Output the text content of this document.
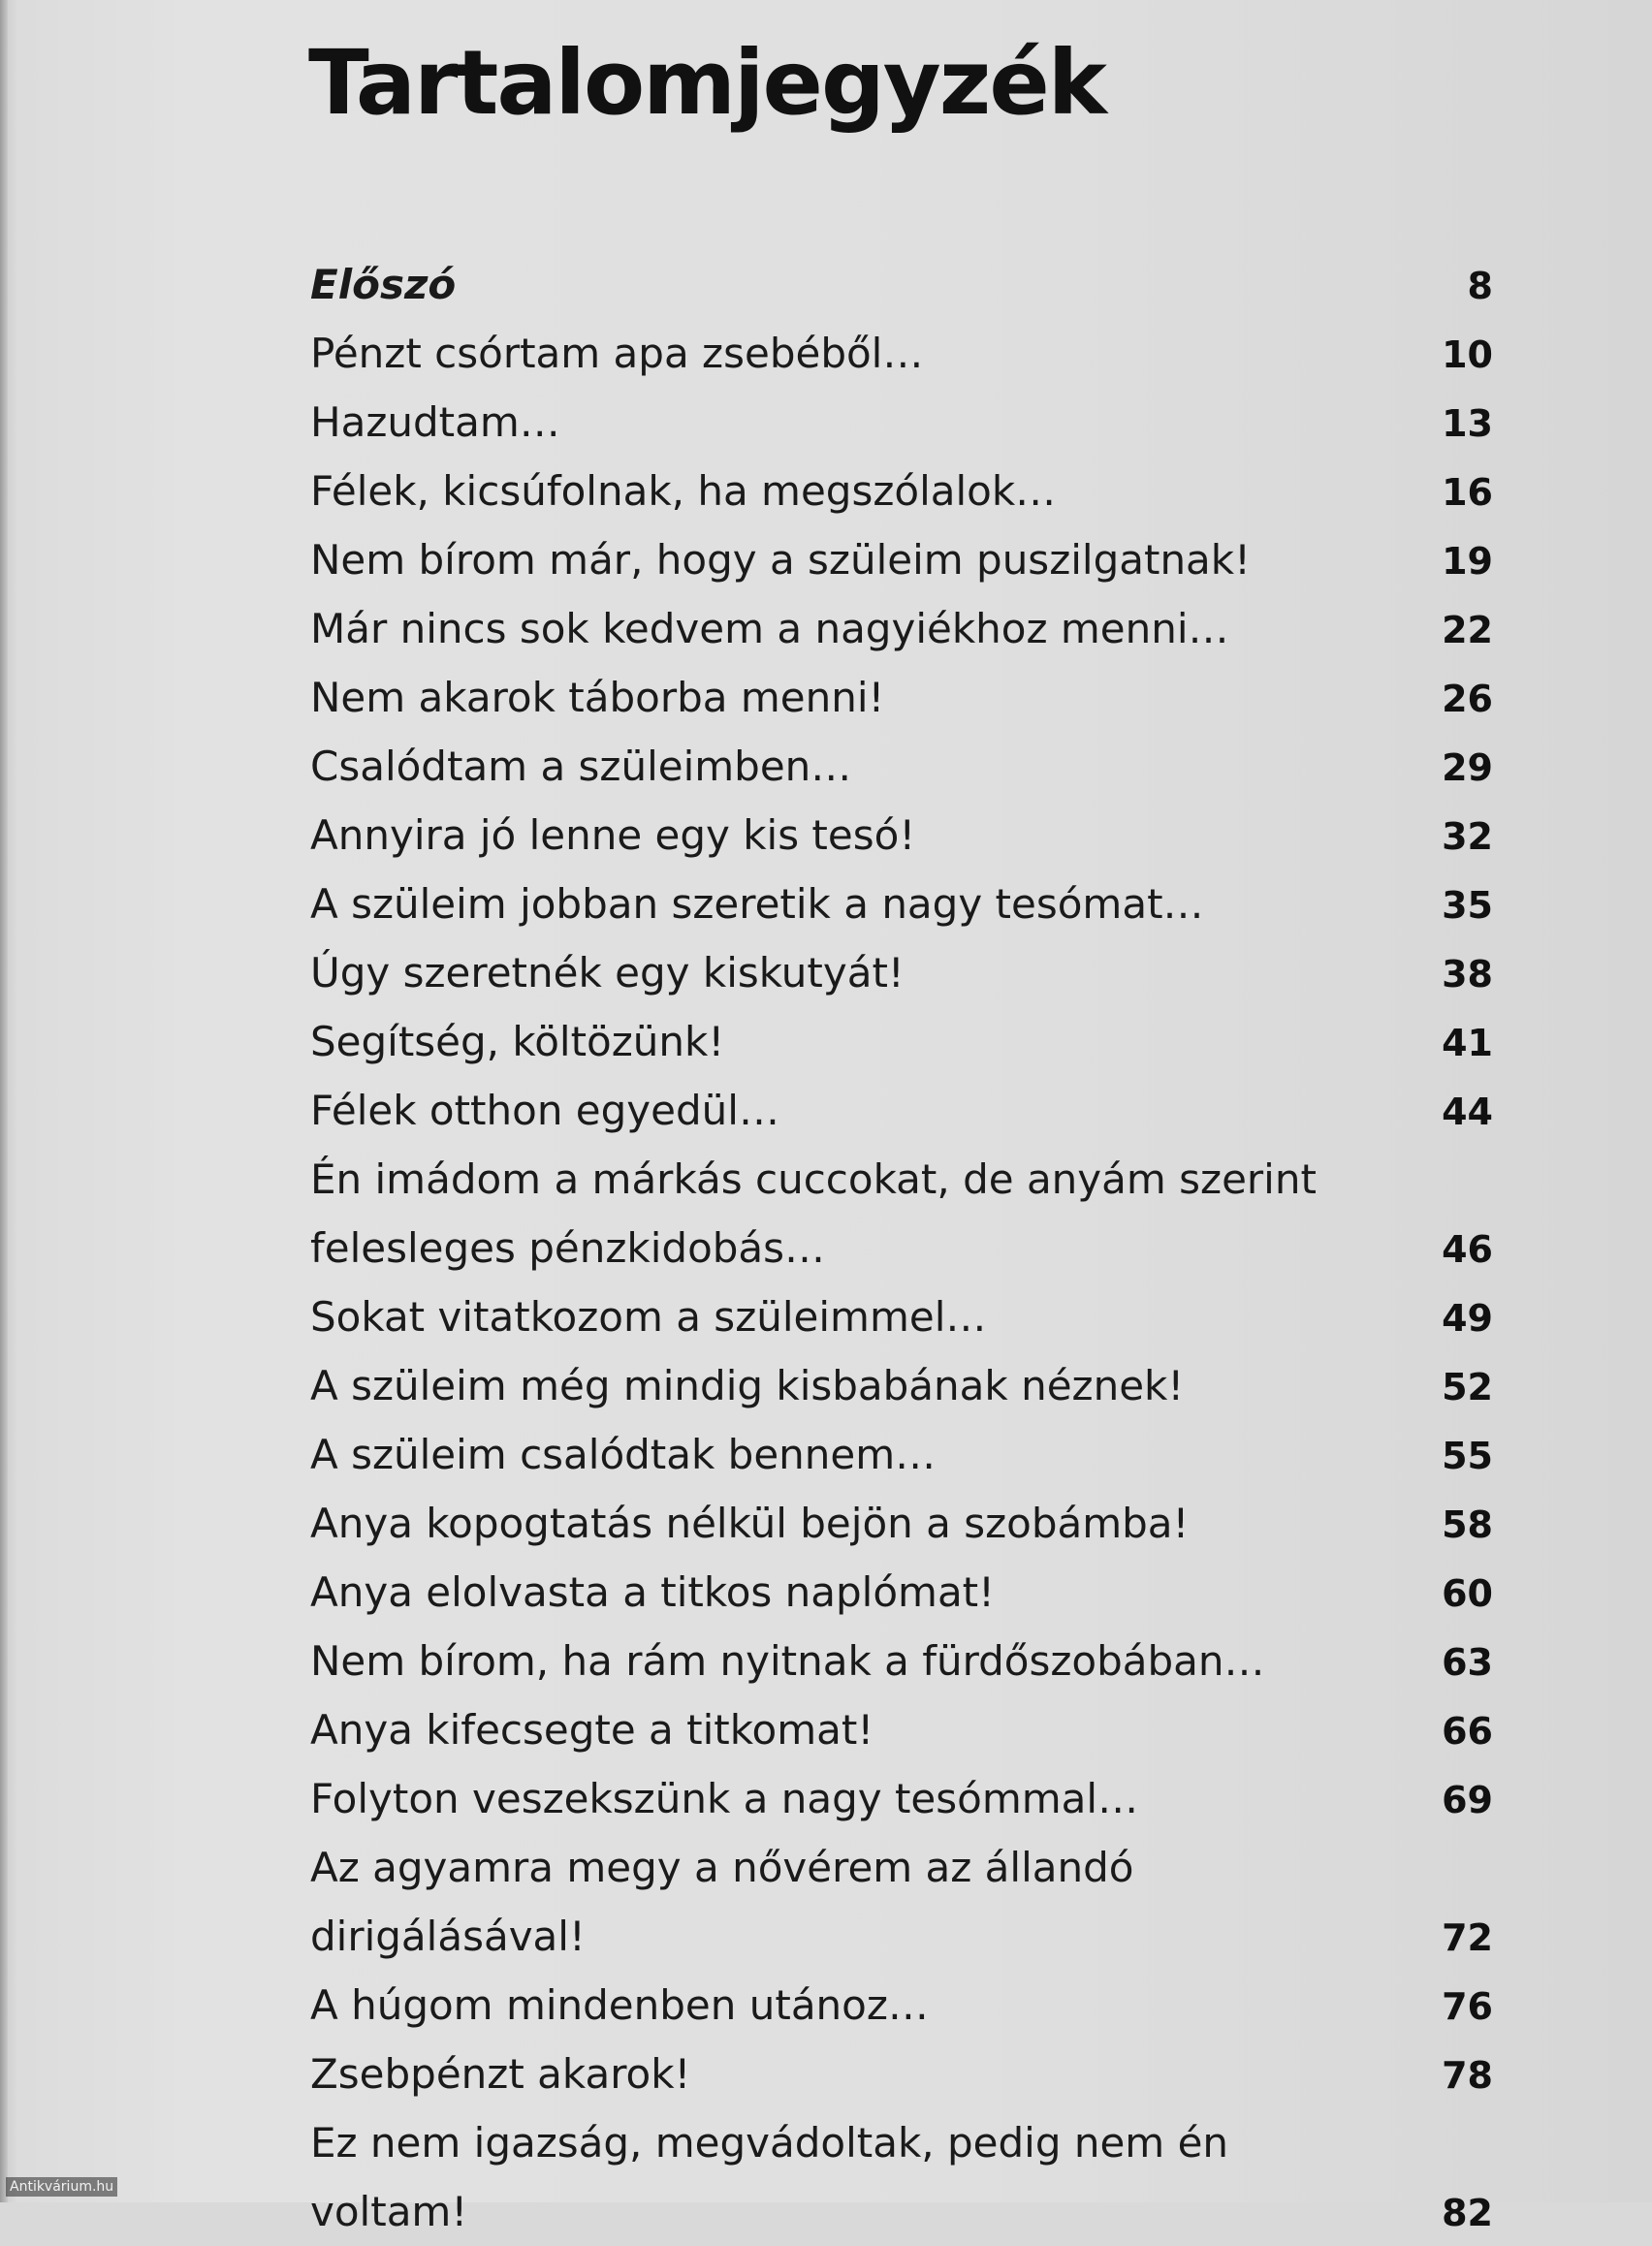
Tartalomjegyzék
Előszó	8
Pénzt csórtam apa zsebéből…	10
Hazudtam…	13
Félek, kicsúfolnak, ha megszólalok…	16
Nem bírom már, hogy a szüleim puszilgatnak!	19
Már nincs sok kedvem a nagyiékhoz menni…	22
Nem akarok táborba menni!	26
Csalódtam a szüleimben…	29
Annyira jó lenne egy kis tesó!	32
A szüleim jobban szeretik a nagy tesómat…	35
Úgy szeretnék egy kiskutyát!	38
Segítség, költözünk!	41
Félek otthon egyedül…	44
Én imádom a márkás cuccokat, de anyám szerint felesleges pénzkidobás…	46
Sokat vitatkozom a szüleimmel…	49
A szüleim még mindig kisbabának néznek!	52
A szüleim csalódtak bennem…	55
Anya kopogtatás nélkül bejön a szobámba!	58
Anya elolvasta a titkos naplómat!	60
Nem bírom, ha rám nyitnak a fürdőszobában…	63
Anya kifecsegte a titkomat!	66
Folyton veszekszünk a nagy tesómmal…	69
Az agyamra megy a nővérem az állandó dirigálásával!	72
A húgom mindenben utánoz…	76
Zsebpénzt akarok!	78
Ez nem igazság, megvádoltak, pedig nem én voltam!	82
Antikvárium.hu
